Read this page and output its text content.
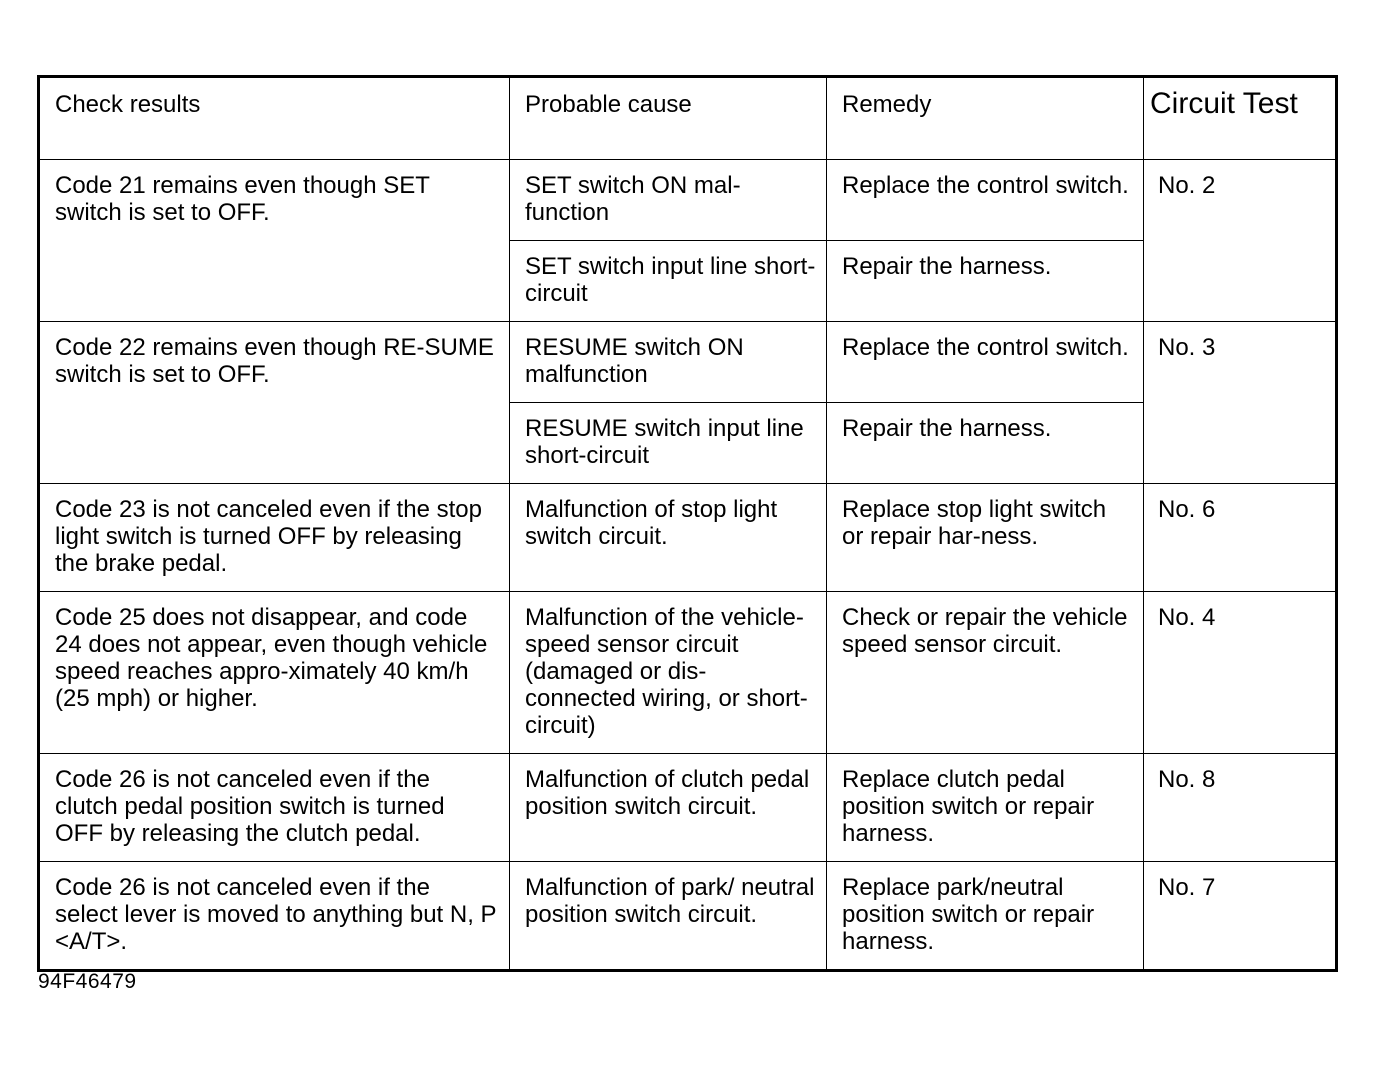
Check results	Probable cause	Remedy	Circuit Test
Code 21 remains even though SET switch is set to OFF.	SET switch ON mal-function	Replace the control switch.	No. 2
	SET switch input line short-circuit	Repair the harness.	
Code 22 remains even though RE-SUME switch is set to OFF.	RESUME switch ON malfunction	Replace the control switch.	No. 3
	RESUME switch input line short-circuit	Repair the harness.	
Code 23 is not canceled even if the stop light switch is turned OFF by releasing the brake pedal.	Malfunction of stop light switch circuit.	Replace stop light switch or repair har-ness.	No. 6
Code 25 does not disappear, and code 24 does not appear, even though vehicle speed reaches appro-ximately 40 km/h (25 mph) or higher.	Malfunction of the vehicle-speed sensor circuit (damaged or dis-connected wiring, or short-circuit)	Check or repair the vehicle speed sensor circuit.	No. 4
Code 26 is not canceled even if the clutch pedal position switch is turned OFF by releasing the clutch pedal.	Malfunction of clutch pedal position switch circuit.	Replace clutch pedal position switch or repair harness.	No. 8
Code 26 is not canceled even if the select lever is moved to anything but N, P <A/T>.	Malfunction of park/ neutral position switch circuit.	Replace park/neutral position switch or repair harness.	No. 7
94F46479
